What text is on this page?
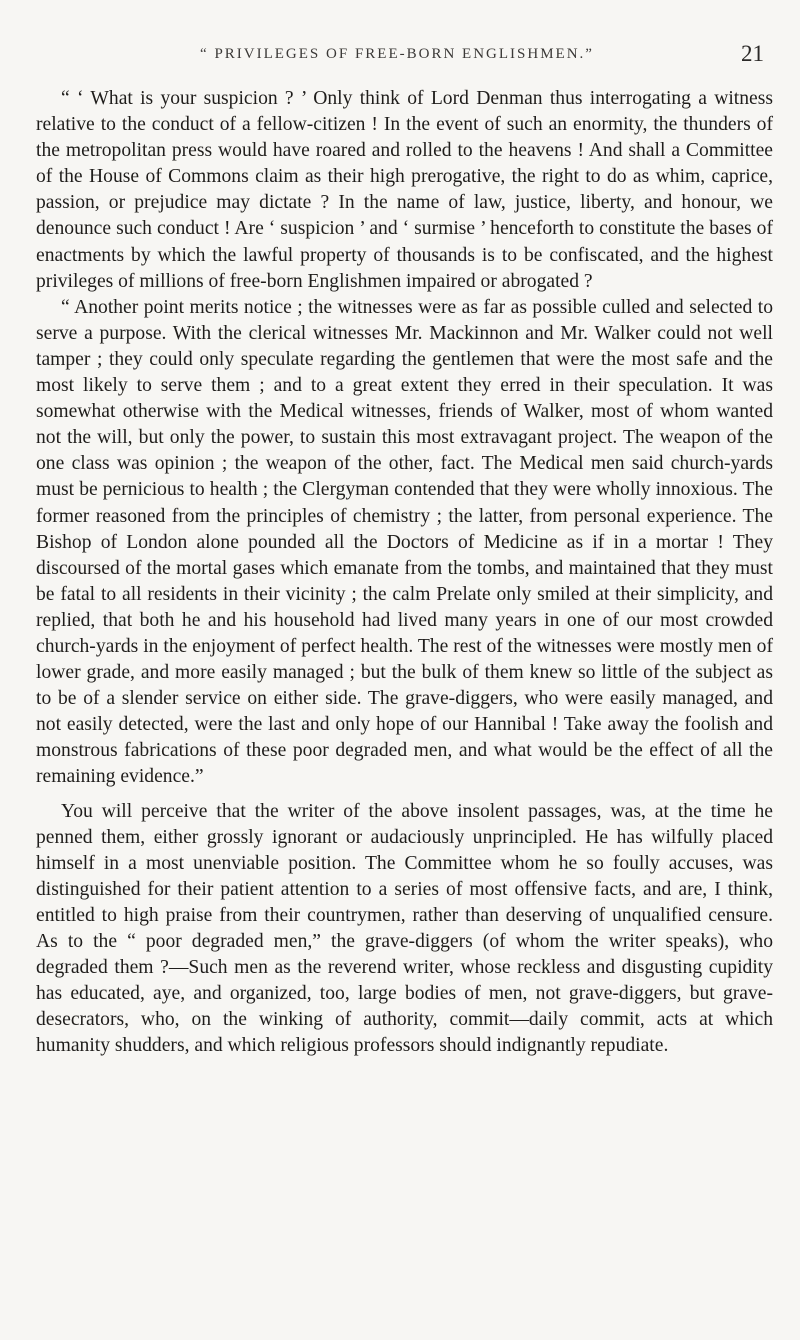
“ PRIVILEGES OF FREE-BORN ENGLISHMEN.”	21

“ ‘ What is your suspicion ? ’ Only think of Lord Denman thus interrogating a witness relative to the conduct of a fellow-citizen ! In the event of such an enormity, the thunders of the metropolitan press would have roared and rolled to the heavens ! And shall a Committee of the House of Commons claim as their high prerogative, the right to do as whim, caprice, passion, or prejudice may dictate ? In the name of law, justice, liberty, and honour, we denounce such conduct ! Are ‘ suspicion ’ and ‘ surmise ’ henceforth to constitute the bases of enactments by which the lawful property of thousands is to be confiscated, and the highest privileges of millions of free-born Englishmen impaired or abrogated ?

“ Another point merits notice ; the witnesses were as far as possible culled and selected to serve a purpose. With the clerical witnesses Mr. Mackinnon and Mr. Walker could not well tamper ; they could only speculate regarding the gentlemen that were the most safe and the most likely to serve them ; and to a great extent they erred in their speculation. It was somewhat otherwise with the Medical witnesses, friends of Walker, most of whom wanted not the will, but only the power, to sustain this most extravagant project. The weapon of the one class was opinion ; the weapon of the other, fact. The Medical men said church-yards must be pernicious to health ; the Clergyman contended that they were wholly innoxious. The former reasoned from the principles of chemistry ; the latter, from personal experience. The Bishop of London alone pounded all the Doctors of Medicine as if in a mortar ! They discoursed of the mortal gases which emanate from the tombs, and maintained that they must be fatal to all residents in their vicinity ; the calm Prelate only smiled at their simplicity, and replied, that both he and his household had lived many years in one of our most crowded church-yards in the enjoyment of perfect health. The rest of the witnesses were mostly men of lower grade, and more easily managed ; but the bulk of them knew so little of the subject as to be of a slender service on either side. The grave-diggers, who were easily managed, and not easily detected, were the last and only hope of our Hannibal ! Take away the foolish and monstrous fabrications of these poor degraded men, and what would be the effect of all the remaining evidence.”

You will perceive that the writer of the above insolent passages, was, at the time he penned them, either grossly ignorant or audaciously unprincipled. He has wilfully placed himself in a most unenviable position. The Committee whom he so foully accuses, was distinguished for their patient attention to a series of most offensive facts, and are, I think, entitled to high praise from their countrymen, rather than deserving of unqualified censure. As to the “ poor degraded men,” the grave-diggers (of whom the writer speaks), who degraded them ?—Such men as the reverend writer, whose reckless and disgusting cupidity has educated, aye, and organized, too, large bodies of men, not grave-diggers, but grave-desecrators, who, on the winking of authority, commit—daily commit, acts at which humanity shudders, and which religious professors should indignantly repudiate.
